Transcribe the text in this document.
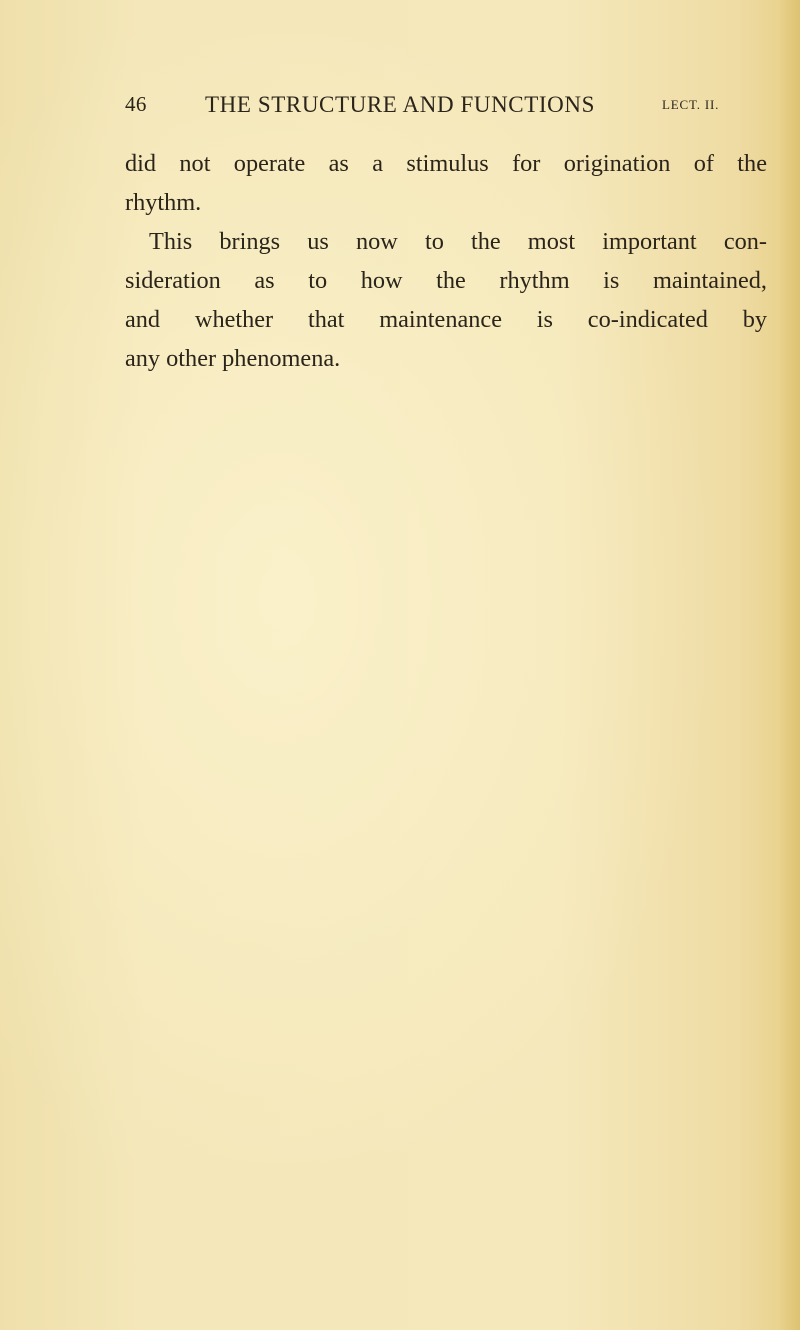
46	THE STRUCTURE AND FUNCTIONS	LECT. II.
did not operate as a stimulus for origination of the
rhythm.
This brings us now to the most important con-
sideration as to how the rhythm is maintained,
and whether that maintenance is co-indicated by
any other phenomena.
